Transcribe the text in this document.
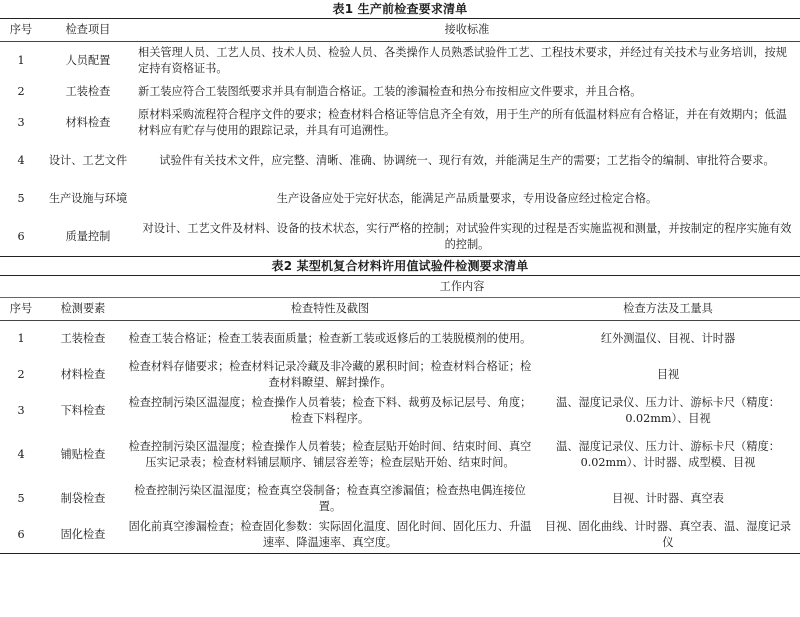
表1 生产前检查要求清单
序号	检查项目	接收标准
1	人员配置	相关管理人员、工艺人员、技术人员、检验人员、各类操作人员熟悉试验件工艺、工程技术要求，并经过有关技术与业务培训，按规定持有资格证书。
2	工装检查	新工装应符合工装图纸要求并具有制造合格证。工装的渗漏检查和热分布按相应文件要求，并且合格。
3	材料检查	原材料采购流程符合程序文件的要求；检查材料合格证等信息齐全有效，用于生产的所有低温材料应有合格证，并在有效期内；低温材料应有贮存与使用的跟踪记录，并具有可追溯性。
4	设计、工艺文件	试验件有关技术文件，应完整、清晰、准确、协调统一、现行有效，并能满足生产的需要；工艺指令的编制、审批符合要求。
5	生产设施与环境	生产设备应处于完好状态，能满足产品质量要求，专用设备应经过检定合格。
6	质量控制	对设计、工艺文件及材料、设备的技术状态，实行严格的控制；对试验件实现的过程是否实施监视和测量，并按制定的程序实施有效的控制。
表2 某型机复合材料许用值试验件检测要求清单
		工作内容	
序号	检测要素	检查特性及截图	检查方法及工量具
1	工装检查	检查工装合格证；检查工装表面质量；检查新工装或返修后的工装脱模剂的使用。	红外测温仪、目视、计时器
2	材料检查	检查材料存储要求；检查材料记录冷藏及非冷藏的累积时间；检查材料合格证；检查材料瞭望、解封操作。	目视
3	下料检查	检查控制污染区温湿度；检查操作人员着装；检查下料、裁剪及标记层号、角度；检查下料程序。	温、湿度记录仪、压力计、游标卡尺（精度：0.02mm）、目视
4	铺贴检查	检查控制污染区温湿度；检查操作人员着装；检查层贴开始时间、结束时间、真空压实记录表；检查材料铺层顺序、铺层容差等；检查层贴开始、结束时间。	温、湿度记录仪、压力计、游标卡尺（精度：0.02mm）、计时器、成型模、目视
5	制袋检查	检查控制污染区温湿度；检查真空袋制备；检查真空渗漏值；检查热电偶连接位置。	目视、计时器、真空表
6	固化检查	固化前真空渗漏检查；检查固化参数：实际固化温度、固化时间、固化压力、升温速率、降温速率、真空度。	目视、固化曲线、计时器、真空表、温、湿度记录仪
